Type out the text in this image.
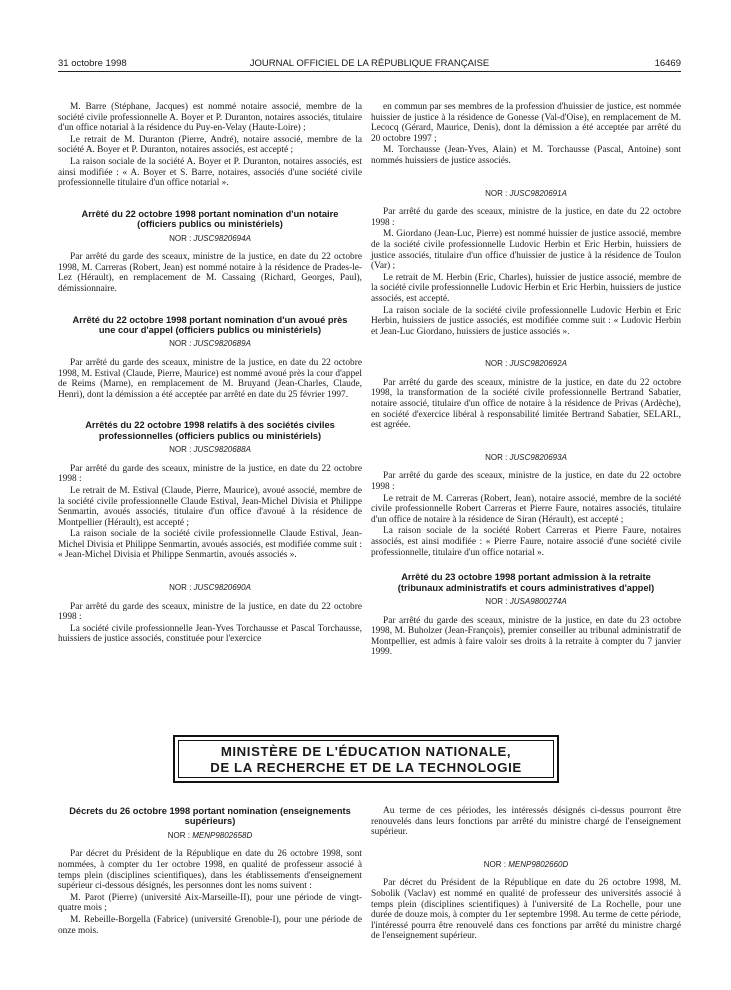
31 octobre 1998	JOURNAL OFFICIEL DE LA RÉPUBLIQUE FRANÇAISE	16469

M. Barre (Stéphane, Jacques) est nommé notaire associé, membre de la société civile professionnelle A. Boyer et P. Duranton, notaires associés, titulaire d'un office notarial à la résidence du Puy-en-Velay (Haute-Loire) ;

Le retrait de M. Duranton (Pierre, André), notaire associé, membre de la société A. Boyer et P. Duranton, notaires associés, est accepté ;

La raison sociale de la société A. Boyer et P. Duranton, notaires associés, est ainsi modifiée : « A. Boyer et S. Barre, notaires, associés d'une société civile professionnelle titulaire d'un office notarial ».

Arrêté du 22 octobre 1998 portant nomination d'un notaire (officiers publics ou ministériels)
NOR : JUSC9820694A

Par arrêté du garde des sceaux, ministre de la justice, en date du 22 octobre 1998, M. Carreras (Robert, Jean) est nommé notaire à la résidence de Prades-le-Lez (Hérault), en remplacement de M. Cassaing (Richard, Georges, Paul), démissionnaire.

Arrêté du 22 octobre 1998 portant nomination d'un avoué près une cour d'appel (officiers publics ou ministériels)
NOR : JUSC9820689A

Par arrêté du garde des sceaux, ministre de la justice, en date du 22 octobre 1998, M. Estival (Claude, Pierre, Maurice) est nommé avoué près la cour d'appel de Reims (Marne), en remplacement de M. Bruyand (Jean-Charles, Claude, Henri), dont la démission a été acceptée par arrêté en date du 25 février 1997.

Arrêtés du 22 octobre 1998 relatifs à des sociétés civiles professionnelles (officiers publics ou ministériels)
NOR : JUSC9820688A

Par arrêté du garde des sceaux, ministre de la justice, en date du 22 octobre 1998 :

Le retrait de M. Estival (Claude, Pierre, Maurice), avoué associé, membre de la société civile professionnelle Claude Estival, Jean-Michel Divisia et Philippe Senmartin, avoués associés, titulaire d'un office d'avoué à la résidence de Montpellier (Hérault), est accepté ;

La raison sociale de la société civile professionnelle Claude Estival, Jean-Michel Divisia et Philippe Senmartin, avoués associés, est modifiée comme suit : « Jean-Michel Divisia et Philippe Senmartin, avoués associés ».

NOR : JUSC9820690A

Par arrêté du garde des sceaux, ministre de la justice, en date du 22 octobre 1998 :

La société civile professionnelle Jean-Yves Torchausse et Pascal Torchausse, huissiers de justice associés, constituée pour l'exercice

en commun par ses membres de la profession d'huissier de justice, est nommée huissier de justice à la résidence de Gonesse (Val-d'Oise), en remplacement de M. Lecocq (Gérard, Maurice, Denis), dont la démission a été acceptée par arrêté du 20 octobre 1997 ;

M. Torchausse (Jean-Yves, Alain) et M. Torchausse (Pascal, Antoine) sont nommés huissiers de justice associés.

NOR : JUSC9820691A

Par arrêté du garde des sceaux, ministre de la justice, en date du 22 octobre 1998 :

M. Giordano (Jean-Luc, Pierre) est nommé huissier de justice associé, membre de la société civile professionnelle Ludovic Herbin et Eric Herbin, huissiers de justice associés, titulaire d'un office d'huissier de justice à la résidence de Toulon (Var) ;

Le retrait de M. Herbin (Eric, Charles), huissier de justice associé, membre de la société civile professionnelle Ludovic Herbin et Eric Herbin, huissiers de justice associés, est accepté.

La raison sociale de la société civile professionnelle Ludovic Herbin et Eric Herbin, huissiers de justice associés, est modifiée comme suit : « Ludovic Herbin et Jean-Luc Giordano, huissiers de justice associés ».

NOR : JUSC9820692A

Par arrêté du garde des sceaux, ministre de la justice, en date du 22 octobre 1998, la transformation de la société civile professionnelle Bertrand Sabatier, notaire associé, titulaire d'un office de notaire à la résidence de Privas (Ardèche), en société d'exercice libéral à responsabilité limitée Bertrand Sabatier, SELARL, est agréée.

NOR : JUSC9820693A

Par arrêté du garde des sceaux, ministre de la justice, en date du 22 octobre 1998 :

Le retrait de M. Carreras (Robert, Jean), notaire associé, membre de la société civile professionnelle Robert Carreras et Pierre Faure, notaires associés, titulaire d'un office de notaire à la résidence de Siran (Hérault), est accepté ;

La raison sociale de la société Robert Carreras et Pierre Faure, notaires associés, est ainsi modifiée : « Pierre Faure, notaire associé d'une société civile professionnelle, titulaire d'un office notarial ».

Arrêté du 23 octobre 1998 portant admission à la retraite (tribunaux administratifs et cours administratives d'appel)
NOR : JUSA9800274A

Par arrêté du garde des sceaux, ministre de la justice, en date du 23 octobre 1998, M. Buholzer (Jean-François), premier conseiller au tribunal administratif de Montpellier, est admis à faire valoir ses droits à la retraite à compter du 7 janvier 1999.

MINISTÈRE DE L'ÉDUCATION NATIONALE,
DE LA RECHERCHE ET DE LA TECHNOLOGIE
Décrets du 26 octobre 1998 portant nomination (enseignements supérieurs)
NOR : MENP9802658D

Par décret du Président de la République en date du 26 octobre 1998, sont nommées, à compter du 1er octobre 1998, en qualité de professeur associé à temps plein (disciplines scientifiques), dans les établissements d'enseignement supérieur ci-dessous désignés, les personnes dont les noms suivent :

M. Parot (Pierre) (université Aix-Marseille-II), pour une période de vingt-quatre mois ;

M. Rebeille-Borgella (Fabrice) (université Grenoble-I), pour une période de onze mois.

Au terme de ces périodes, les intéressés désignés ci-dessus pourront être renouvelés dans leurs fonctions par arrêté du ministre chargé de l'enseignement supérieur.

NOR : MENP9802660D

Par décret du Président de la République en date du 26 octobre 1998, M. Sobolik (Vaclav) est nommé en qualité de professeur des universités associé à temps plein (disciplines scientifiques) à l'université de La Rochelle, pour une durée de douze mois, à compter du 1er septembre 1998. Au terme de cette période, l'intéressé pourra être renouvelé dans ces fonctions par arrêté du ministre chargé de l'enseignement supérieur.
